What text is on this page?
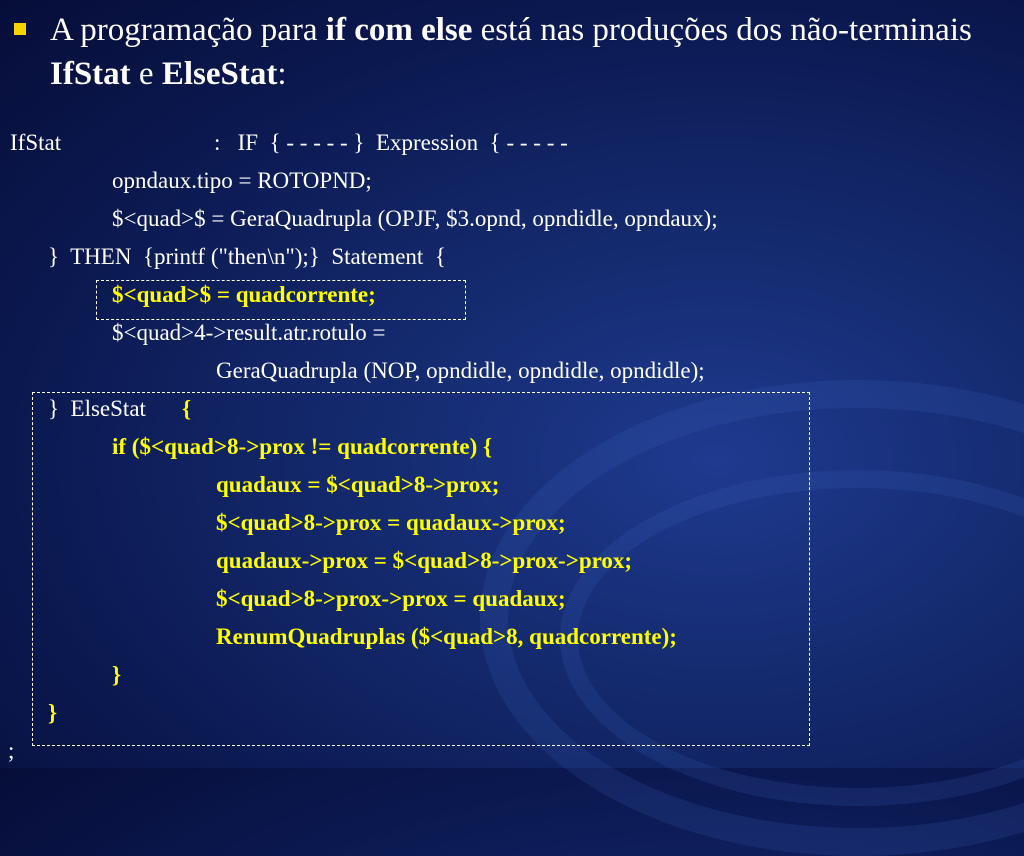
A programação para if com else está nas produções dos não-terminais IfStat e ElseStat:
IfStat	:   IF  { - - - - - }  Expression  { - - - - -
opndaux.tipo = ROTOPND;
$<quad>$ = GeraQuadrupla (OPJF, $3.opnd, opndidle, opndaux);
}  THEN  {printf ("then\n");}  Statement  {
$<quad>$ = quadcorrente;
$<quad>4->result.atr.rotulo =
GeraQuadrupla (NOP, opndidle, opndidle, opndidle);
}  ElseStat {
if ($<quad>8->prox != quadcorrente) {
quadaux = $<quad>8->prox;
$<quad>8->prox = quadaux->prox;
quadaux->prox = $<quad>8->prox->prox;
$<quad>8->prox->prox = quadaux;
RenumQuadruplas ($<quad>8, quadcorrente);
}
}
;
